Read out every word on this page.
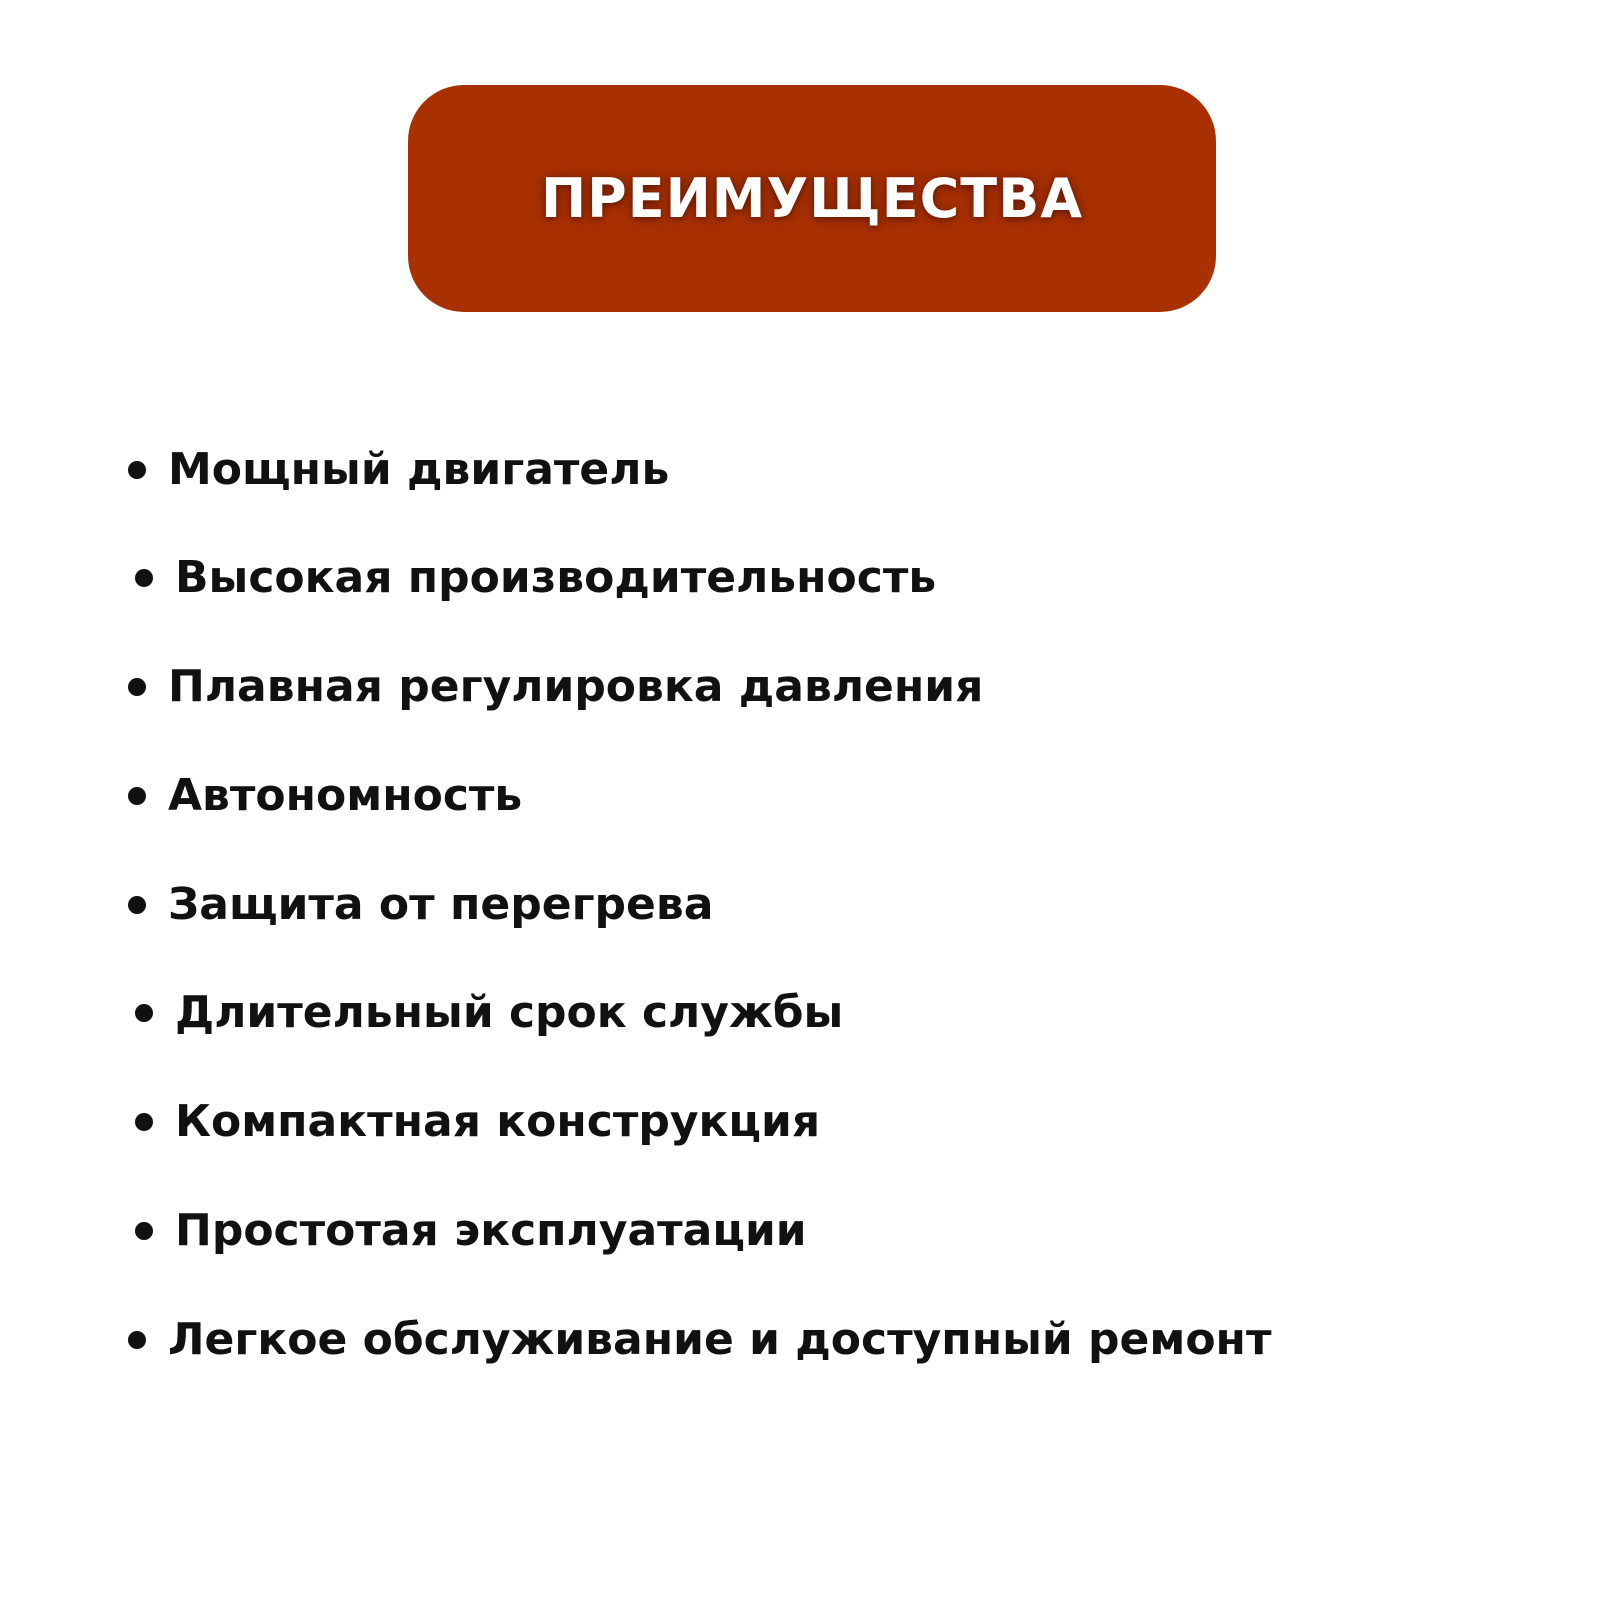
ПРЕИМУЩЕСТВА
Мощный двигатель
Высокая производительность
Плавная регулировка давления
Автономность
Защита от перегрева
Длительный срок службы
Компактная конструкция
Простотая эксплуатации
Легкое обслуживание и доступный ремонт
